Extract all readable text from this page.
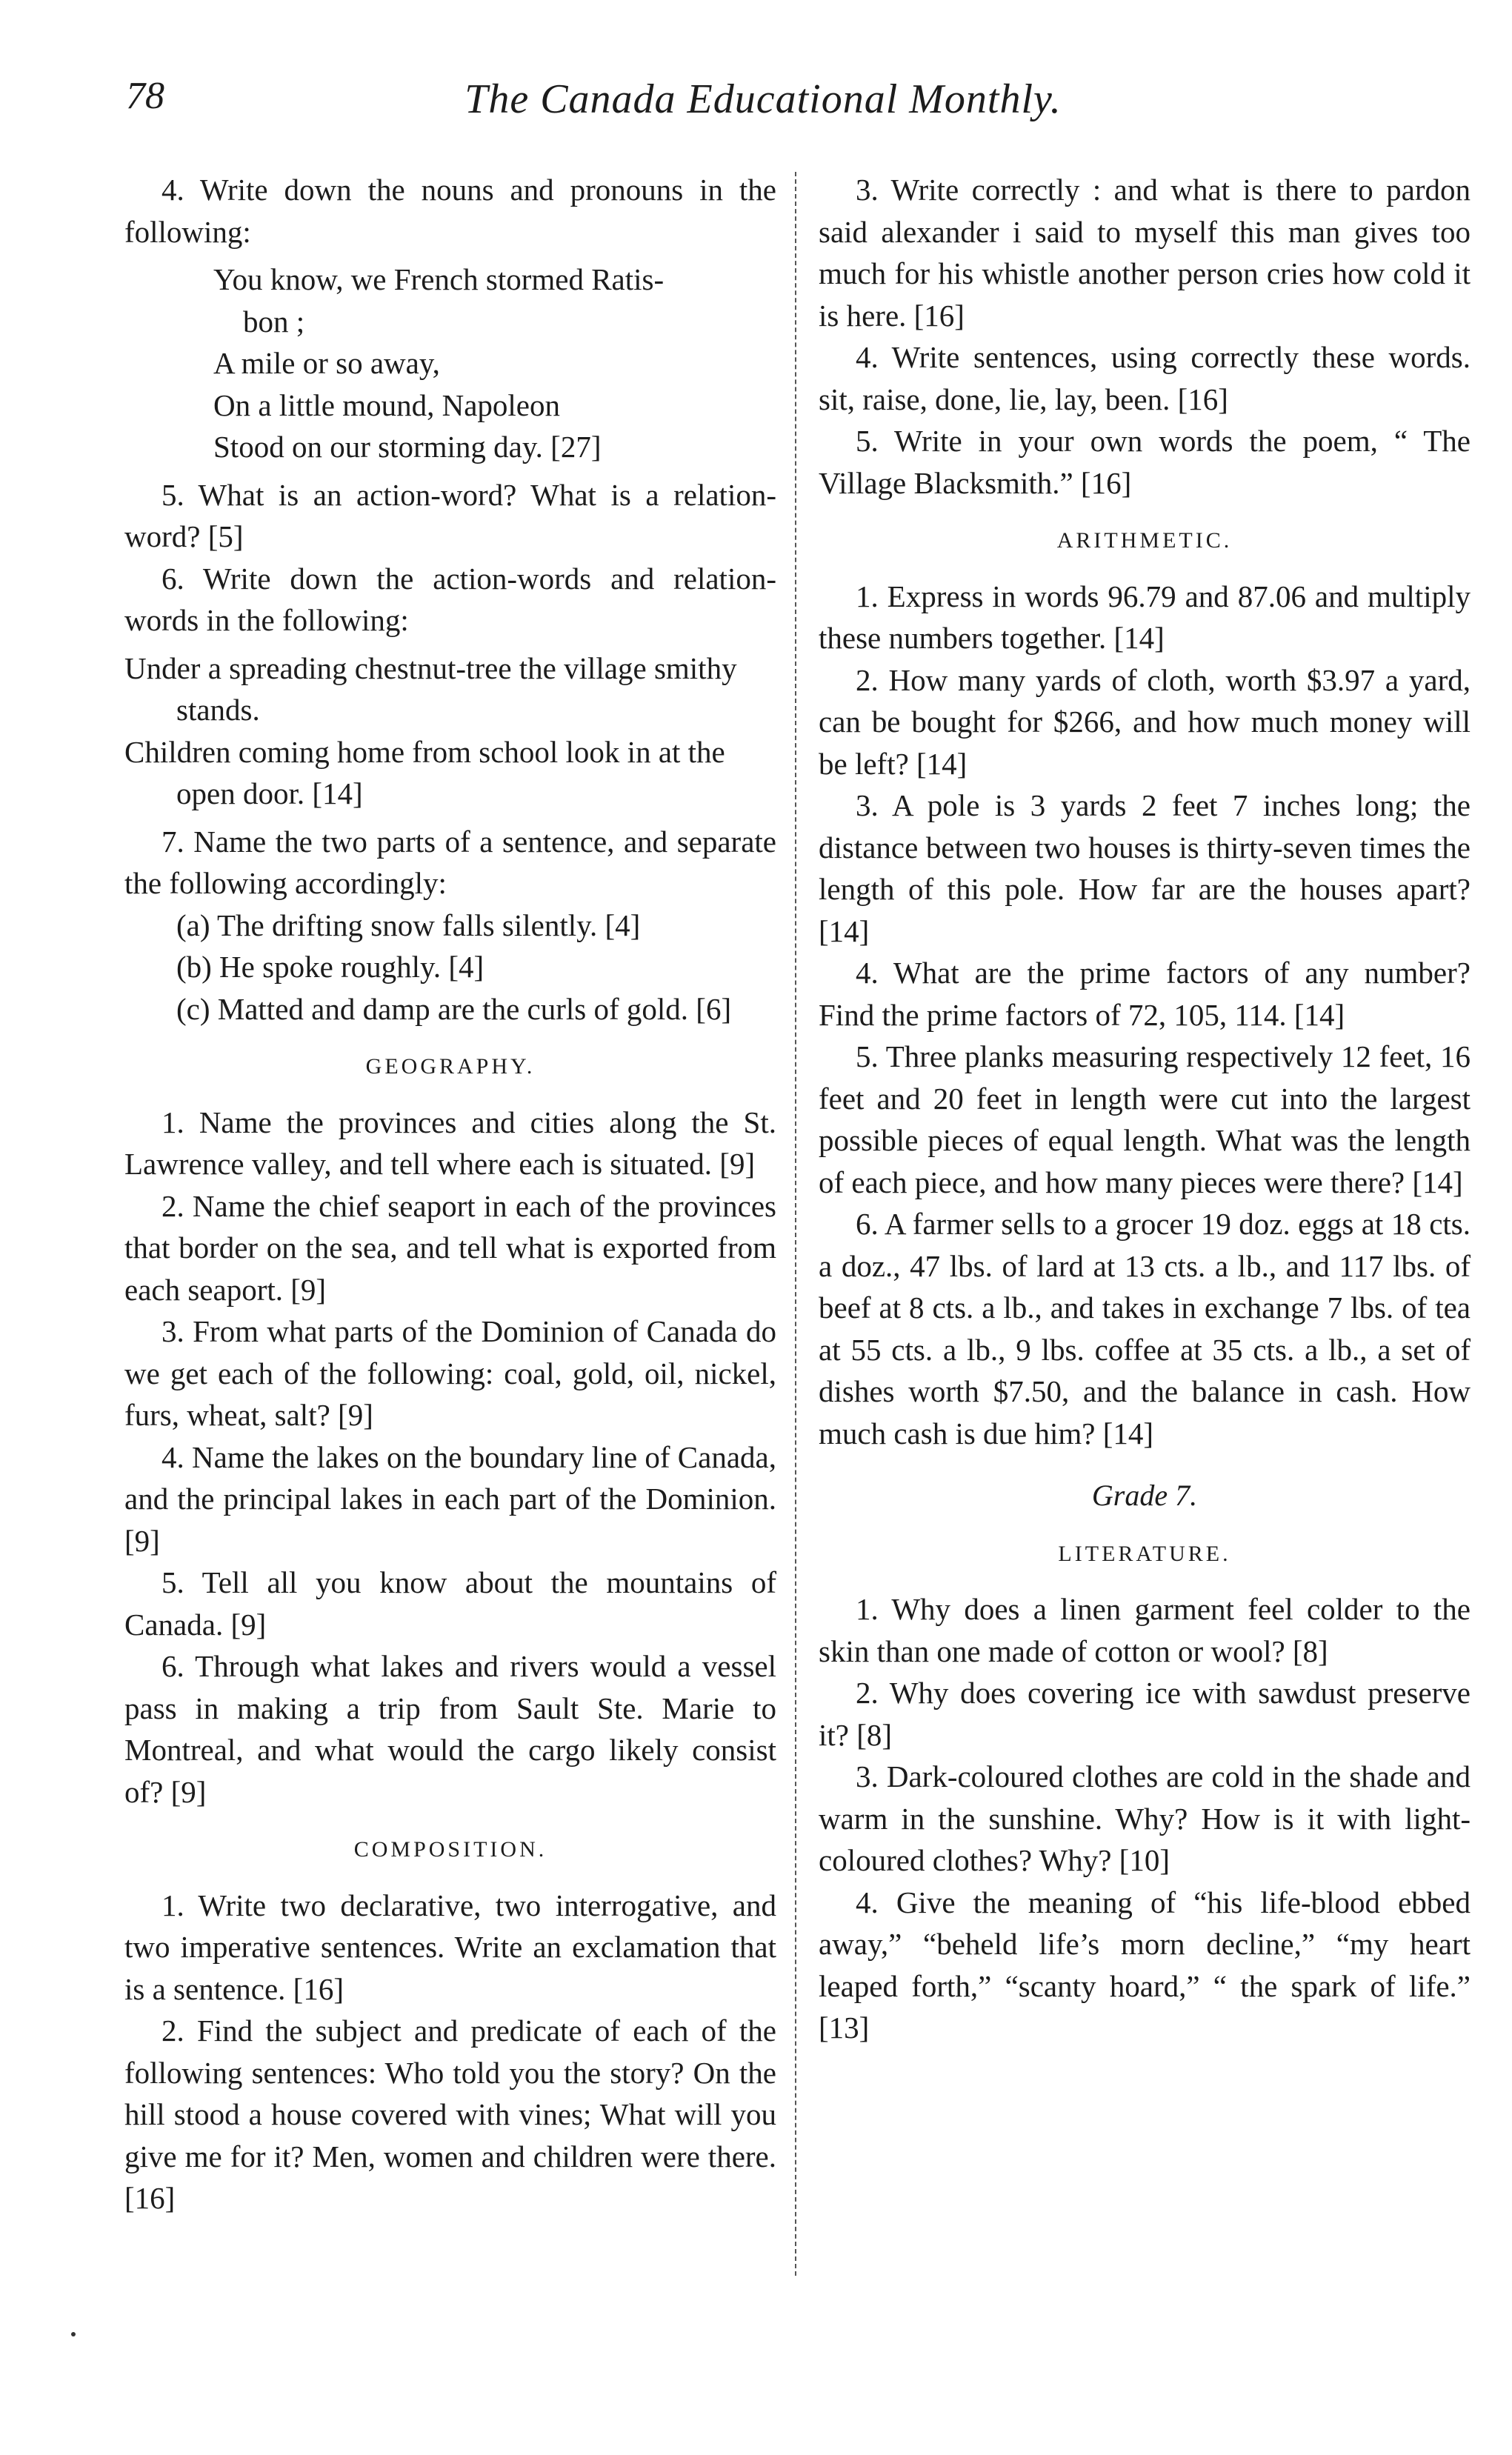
78	The Canada Educational Monthly.

4. Write down the nouns and pronouns in the following:

You know, we French stormed Ratis-

bon ;

A mile or so away,

On a little mound, Napoleon

Stood on our storming day. [27]

5. What is an action-word? What is a relation-word? [5]

6. Write down the action-words and relation-words in the following:

Under a spreading chestnut-tree the village smithy stands.

Children coming home from school look in at the open door. [14]

7. Name the two parts of a sentence, and separate the following accordingly:

(a) The drifting snow falls silently. [4]

(b) He spoke roughly. [4]

(c) Matted and damp are the curls of gold. [6]

GEOGRAPHY.

1. Name the provinces and cities along the St. Lawrence valley, and tell where each is situated. [9]

2. Name the chief seaport in each of the provinces that border on the sea, and tell what is exported from each seaport. [9]

3. From what parts of the Dominion of Canada do we get each of the following: coal, gold, oil, nickel, furs, wheat, salt? [9]

4. Name the lakes on the boundary line of Canada, and the principal lakes in each part of the Dominion. [9]

5. Tell all you know about the mountains of Canada. [9]

6. Through what lakes and rivers would a vessel pass in making a trip from Sault Ste. Marie to Montreal, and what would the cargo likely consist of? [9]

COMPOSITION.

1. Write two declarative, two interrogative, and two imperative sentences. Write an exclamation that is a sentence. [16]

2. Find the subject and predicate of each of the following sentences: Who told you the story? On the hill stood a house covered with vines; What will you give me for it? Men, women and children were there. [16]

3. Write correctly : and what is there to pardon said alexander i said to myself this man gives too much for his whistle another person cries how cold it is here. [16]

4. Write sentences, using correctly these words. sit, raise, done, lie, lay, been. [16]

5. Write in your own words the poem, “ The Village Blacksmith.” [16]

ARITHMETIC.

1. Express in words 96.79 and 87.06 and multiply these numbers together. [14]

2. How many yards of cloth, worth $3.97 a yard, can be bought for $266, and how much money will be left? [14]

3. A pole is 3 yards 2 feet 7 inches long; the distance between two houses is thirty-seven times the length of this pole. How far are the houses apart? [14]

4. What are the prime factors of any number? Find the prime factors of 72, 105, 114. [14]

5. Three planks measuring respectively 12 feet, 16 feet and 20 feet in length were cut into the largest possible pieces of equal length. What was the length of each piece, and how many pieces were there? [14]

6. A farmer sells to a grocer 19 doz. eggs at 18 cts. a doz., 47 lbs. of lard at 13 cts. a lb., and 117 lbs. of beef at 8 cts. a lb., and takes in exchange 7 lbs. of tea at 55 cts. a lb., 9 lbs. coffee at 35 cts. a lb., a set of dishes worth $7.50, and the balance in cash. How much cash is due him? [14]

Grade 7.
LITERATURE.

1. Why does a linen garment feel colder to the skin than one made of cotton or wool? [8]

2. Why does covering ice with sawdust preserve it? [8]

3. Dark-coloured clothes are cold in the shade and warm in the sunshine. Why? How is it with light-coloured clothes? Why? [10]

4. Give the meaning of “his life-blood ebbed away,” “beheld life’s morn decline,” “my heart leaped forth,” “scanty hoard,” “ the spark of life.” [13]
